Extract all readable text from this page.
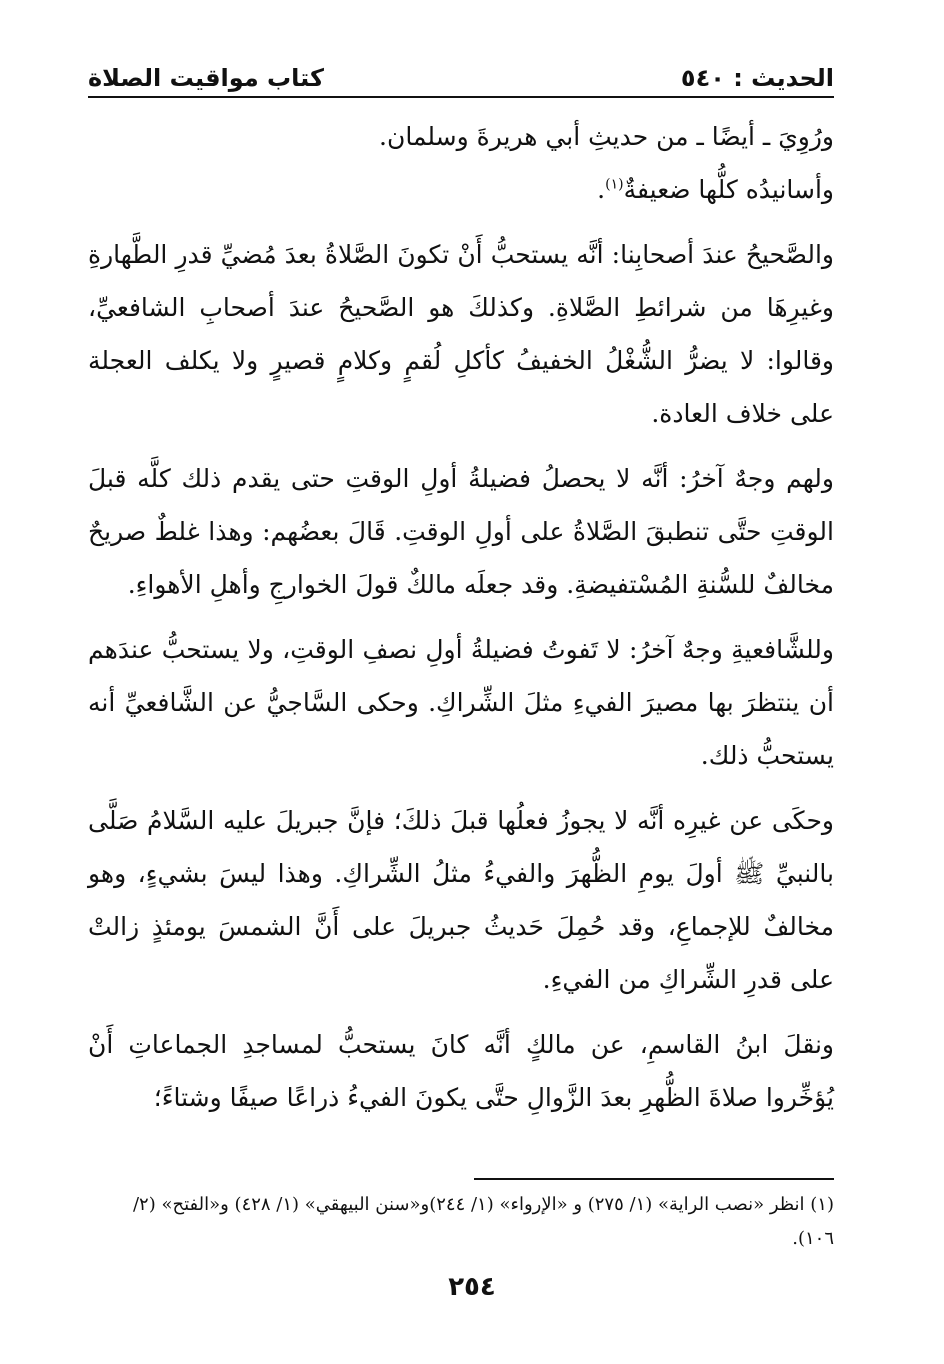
الحديث : ٥٤٠
كتاب مواقيت الصلاة

ورُوِيَ ـ أيضًا ـ من حديثِ أبي هريرةَ وسلمان.

وأسانيدُه كلُّها ضعيفةٌ$^{(١)}$.

والصَّحيحُ عندَ أصحابِنا: أنَّه يستحبُّ أَنْ تكونَ الصَّلاةُ بعدَ مُضيِّ قدرِ الطَّهارةِ وغيرِهَا من شرائطِ الصَّلاةِ. وكذلكَ هو الصَّحيحُ عندَ أصحابِ الشافعيِّ، وقالوا: لا يضرُّ الشُّغْلُ الخفيفُ كأكلِ لُقمٍ وكلامٍ قصيرٍ ولا يكلف العجلة على خلاف العادة.

ولهم وجهٌ آخرُ: أنَّه لا يحصلُ فضيلةُ أولِ الوقتِ حتى يقدم ذلك كلَّه قبلَ الوقتِ حتَّى تنطبقَ الصَّلاةُ على أولِ الوقتِ. قَالَ بعضُهم: وهذا غلطٌ صريحٌ مخالفٌ للسُّنةِ المُسْتفيضةِ. وقد جعلَه مالكٌ قولَ الخوارجِ وأهلِ الأهواءِ.

وللشَّافعيةِ وجهٌ آخرُ: لا تَفوتُ فضيلةُ أولِ نصفِ الوقتِ، ولا يستحبُّ عندَهم أن ينتظرَ بها مصيرَ الفيءِ مثلَ الشِّراكِ. وحكى السَّاجيُّ عن الشَّافعيِّ أنه يستحبُّ ذلك.

وحكَى عن غيرِه أنَّه لا يجوزُ فعلُها قبلَ ذلكَ؛ فإنَّ جبريلَ عليه السَّلامُ صَلَّى بالنبيِّ ﷺ أولَ يومِ الظُّهرَ والفيءُ مثلُ الشِّراكِ. وهذا ليسَ بشيءٍ، وهو مخالفٌ للإجماعِ، وقد حُمِلَ حَديثُ جبريلَ على أَنَّ الشمسَ يومئذٍ زالتْ على قدرِ الشِّراكِ من الفيءِ.

ونقلَ ابنُ القاسمِ، عن مالكٍ أنَّه كانَ يستحبُّ لمساجدِ الجماعاتِ أَنْ يُؤخِّروا صلاةَ الظُّهرِ بعدَ الزَّوالِ حتَّى يكونَ الفيءُ ذراعًا صيفًا وشتاءً؛

(١) انظر «نصب الراية» (١/ ٢٧٥) و «الإرواء» (١/ ٢٤٤)و«سنن البيهقي» (١/ ٤٢٨) و«الفتح» (٢/ ١٠٦).
٢٥٤
